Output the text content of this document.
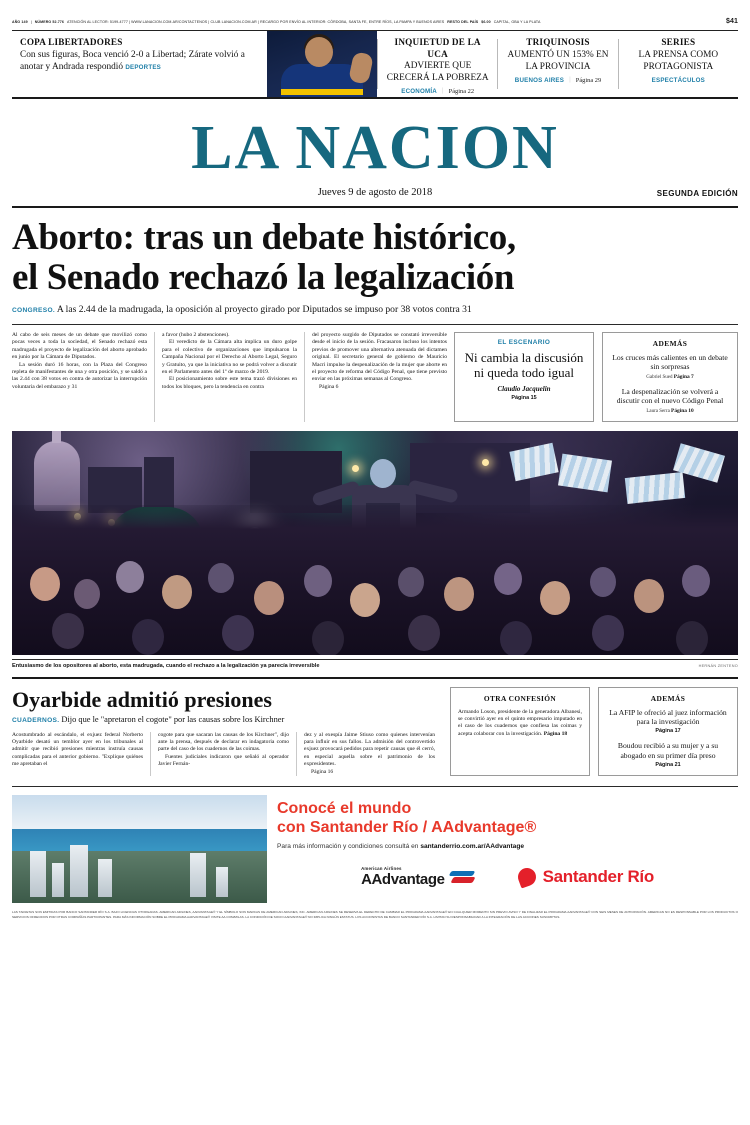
AÑO 149 | NÚMERO 52.776 ATENCIÓN AL LECTOR: 5199-4777 | WWW.LANACION.COM.AR/CONTACTENOS | CLUB LANACION.COM.AR | RECARGO POR ENVÍO AL INTERIOR: CÓRDOBA, SANTA FE, ENTRE RÍOS, LA PAMPA Y BUENOS AIRES RESTO DEL PAÍS $6.00 CAPITAL, GBA Y LA PLATA	$41
COPA LIBERTADORES
Con sus figuras, Boca venció 2-0 a Libertad; Zárate volvió a anotar y Andrada respondió DEPORTES
INQUIETUD DE LA UCA
ADVIERTE QUE CRECERÁ LA POBREZA
ECONOMÍA | Página 22
TRIQUINOSIS
AUMENTÓ UN 153% EN LA PROVINCIA
BUENOS AIRES | Página 29
SERIES
LA PRENSA COMO PROTAGONISTA
ESPECTÁCULOS
LA NACION
Jueves 9 de agosto de 2018	SEGUNDA EDICIÓN
Aborto: tras un debate histórico,
el Senado rechazó la legalización
CONGRESO. A las 2.44 de la madrugada, la oposición al proyecto girado por Diputados se impuso por 38 votos contra 31

Al cabo de seis meses de un debate que movilizó como pocas veces a toda la sociedad, el Senado rechazó esta madrugada el proyecto de legalización del aborto aprobado en junio por la Cámara de Diputados.

La sesión duró 16 horas, con la Plaza del Congreso repleta de manifestantes de una y otra posición, y se saldó a las 2.44 con 38 votos en contra de autorizar la interrupción voluntaria del embarazo y 31

a favor (hubo 2 abstenciones).

El veredicto de la Cámara alta implica un duro golpe para el colectivo de organizaciones que impulsaron la Campaña Nacional por el Derecho al Aborto Legal, Seguro y Gratuito, ya que la iniciativa no se podrá volver a discutir en el Parlamento antes del 1º de marzo de 2019.

El posicionamiento sobre este tema trazó divisiones en todos los bloques, pero la tendencia en contra

del proyecto surgido de Diputados se constató irreversible desde el inicio de la sesión. Fracasaron incluso los intentos previos de promover una alternativa atenuada del dictamen original. El secretario general de gobierno de Mauricio Macri impulse la despenalización de la mujer que aborte en el proyecto de reforma del Código Penal, que tiene previsto enviar en las próximas semanas al Congreso.

Página 6

EL ESCENARIO
Ni cambia la discusión ni queda todo igual
Claudio Jacquelin
Página 15
ADEMÁS
Los cruces más calientes en un debate sin sorpresas
Gabriel Sued Página 7
La despenalización se volverá a discutir con el nuevo Código Penal
Laura Serra Página 10
Entusiasmo de los opositores al aborto, esta madrugada, cuando el rechazo a la legalización ya parecía irreversible	HERNÁN ZENTENO
Oyarbide admitió presiones
CUADERNOS. Dijo que le "apretaron el cogote" por las causas sobre los Kirchner

Acostumbrado al escándalo, el exjuez federal Norberto Oyarbide desató un temblor ayer en los tribunales al admitir que recibió presiones mientras instruía causas complicadas para el anterior gobierno. "Explique quiénes me apretaban el

cogote para que sacaran las causas de los Kirchner", dijo ante la prensa, después de declarar en indagatoria como parte del caso de los cuadernos de las coimas.

Fuentes judiciales indicaron que señaló al operador Javier Fernán-

dez y al exespía Jaime Stiuso como quienes intervenían para influir en sus fallos. La admisión del controvertido exjuez provocará pedidos para repetir causas que él cerró, en especial aquella sobre el patrimonio de los expresidentes.

Página 16

OTRA CONFESIÓN

Armando Loson, presidente de la generadora Albanesi, se convirtió ayer en el quinto empresario imputado en el caso de los cuadernos que confiesa las coimas y acepta colaborar con la investigación. Página 18

ADEMÁS
La AFIP le ofreció al juez información para la investigación
Página 17
Boudou recibió a su mujer y a su abogado en su primer día preso
Página 21
Conocé el mundo
con Santander Río / AAdvantage®
Para más información y condiciones consultá en santanderrio.com.ar/AAdvantage
American Airlines
AAdvantage	Santander Río
LAS TARJETAS SON EMITIDAS POR BANCO SANTANDER RÍO S.A. BAJO LICENCIAS OTORGADAS. AMERICAN AIRLINES, AADVANTAGE® Y EL SÍMBOLO SON MARCAS DE AMERICAN AIRLINES, INC. AMERICAN AIRLINES SE RESERVA EL DERECHO DE CAMBIAR EL PROGRAMA AADVANTAGE® EN CUALQUIER MOMENTO SIN PREVIO AVISO Y DE FINALIZAR EL PROGRAMA AADVANTAGE® CON SEIS MESES DE ANTICIPACIÓN. AMERICAN NO ES RESPONSABLE POR LOS PRODUCTOS O SERVICIOS OFRECIDOS POR OTRAS COMPAÑÍAS PARTICIPANTES. PARA MÁS INFORMACIÓN SOBRE EL PROGRAMA AADVANTAGE® VISITE AA.COM/MILAS. LA CONDICIÓN DE SOCIO AADVANTAGE® NO IMPLICA NINGÚN ESTATUS. LOS ACCIONISTAS DE BANCO SANTANDER RÍO S.A. LIMITAN SU RESPONSABILIDAD A LA INTEGRACIÓN DE LAS ACCIONES SUSCRIPTAS.
